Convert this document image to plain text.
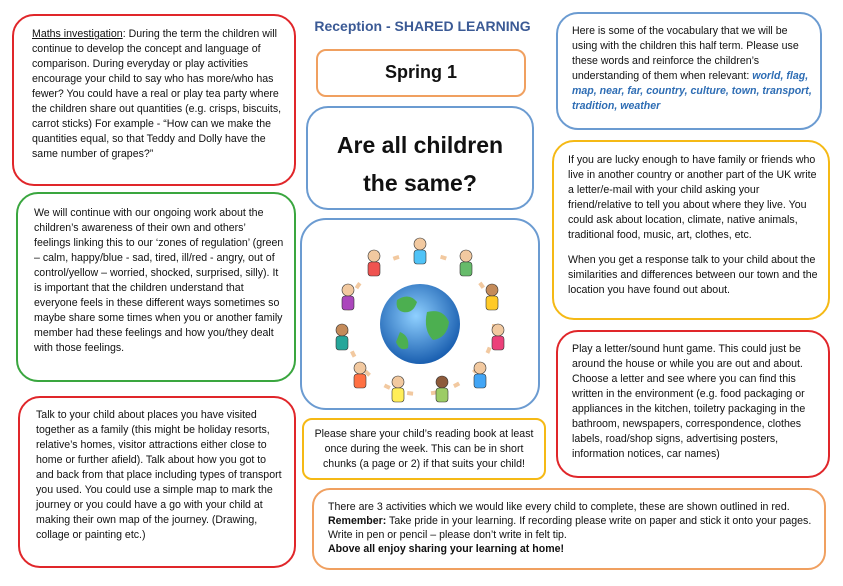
Reception - SHARED LEARNING
Maths investigation: During the term the children will continue to develop the concept and language of comparison. During everyday or play activities encourage your child to say who has more/who has fewer? You could have a real or play tea party where the children share out quantities (e.g. crisps, biscuits, carrot sticks) For example - “How can we make the quantities equal, so that Teddy and Dolly have the same number of grapes?”
We will continue with our ongoing work about the children’s awareness of their own and others’ feelings linking this to our ‘zones of regulation’ (green – calm, happy/blue - sad, tired, ill/red - angry, out of control/yellow – worried, shocked, surprised, silly). It is important that the children understand that everyone feels in these different ways sometimes so maybe share some times when you or another family member had these feelings and how you/they dealt with those feelings.
Talk to your child about places you have visited together as a family (this might be holiday resorts, relative’s homes, visitor attractions either close to home or further afield). Talk about how you got to and back from that place including types of transport you used. You could use a simple map to mark the journey or you could have a go with your child at making their own map of the journey. (Drawing, collage or painting etc.)
Spring 1
Are all children the same?
Please share your child’s reading book at least once during the week. This can be in short chunks (a page or 2) if that suits your child!
Here is some of the vocabulary that we will be using with the children this half term. Please use these words and reinforce the children’s understanding of them when relevant: world, flag, map, near, far, country, culture, town, transport, tradition, weather

If you are lucky enough to have family or friends who live in another country or another part of the UK write a letter/e-mail with your child asking your friend/relative to tell you about where they live. You could ask about location, climate, native animals, traditional food, music, art, clothes, etc.

When you get a response talk to your child about the similarities and differences between our town and the location you have found out about.

Play a letter/sound hunt game. This could just be around the house or while you are out and about. Choose a letter and see where you can find this written in the environment (e.g. food packaging or appliances in the kitchen, toiletry packaging in the bathroom, newspapers, correspondence, clothes labels, road/shop signs, advertising posters, information notices, car names)

There are 3 activities which we would like every child to complete, these are shown outlined in red.

Remember: Take pride in your learning. If recording please write on paper and stick it onto your pages. Write in pen or pencil – please don’t write in felt tip.

Above all enjoy sharing your learning at home!
